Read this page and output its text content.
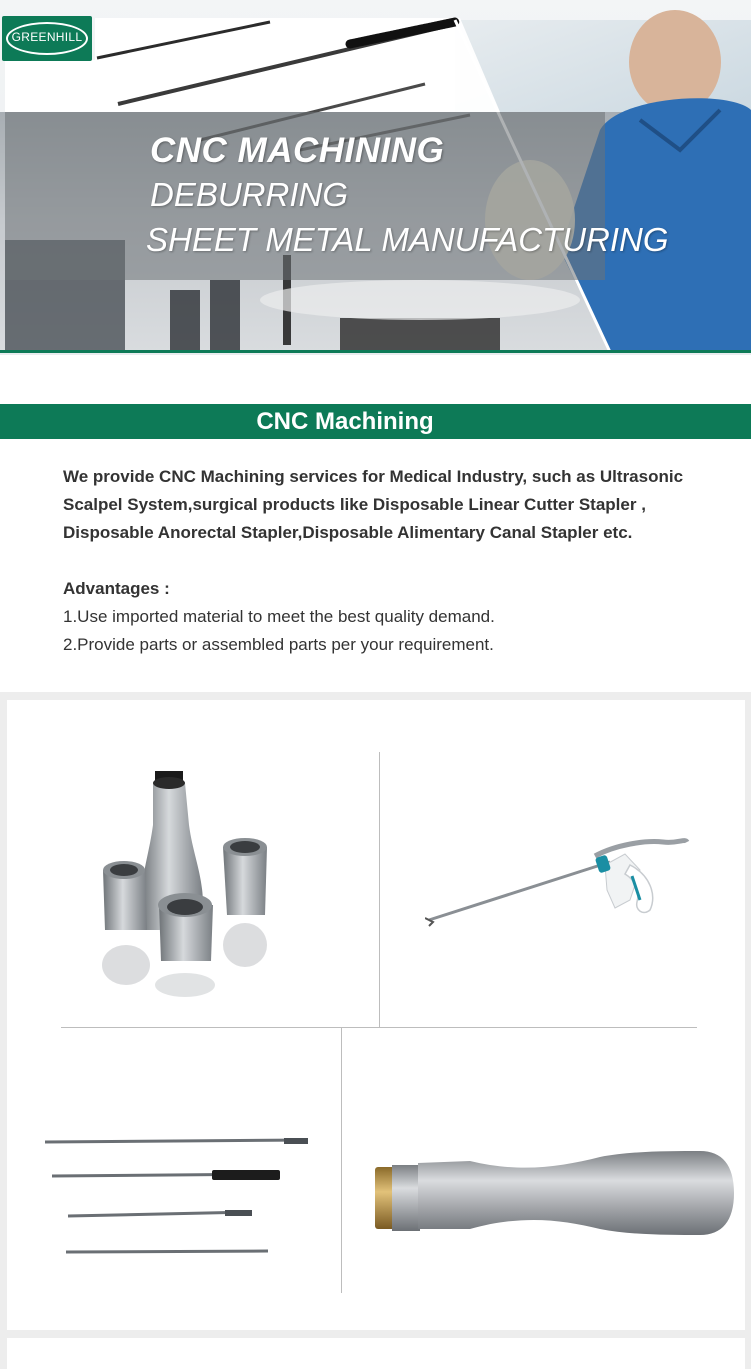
GREENHILL
CNC MACHINING
DEBURRING
SHEET METAL MANUFACTURING
CNC Machining
We provide CNC Machining services for Medical Industry, such as Ultrasonic Scalpel System,surgical products like Disposable Linear Cutter Stapler , Disposable Anorectal Stapler,Disposable Alimentary Canal Stapler etc.
Advantages :
1.Use imported material to meet the best quality demand.
2.Provide parts or assembled parts per your requirement.
